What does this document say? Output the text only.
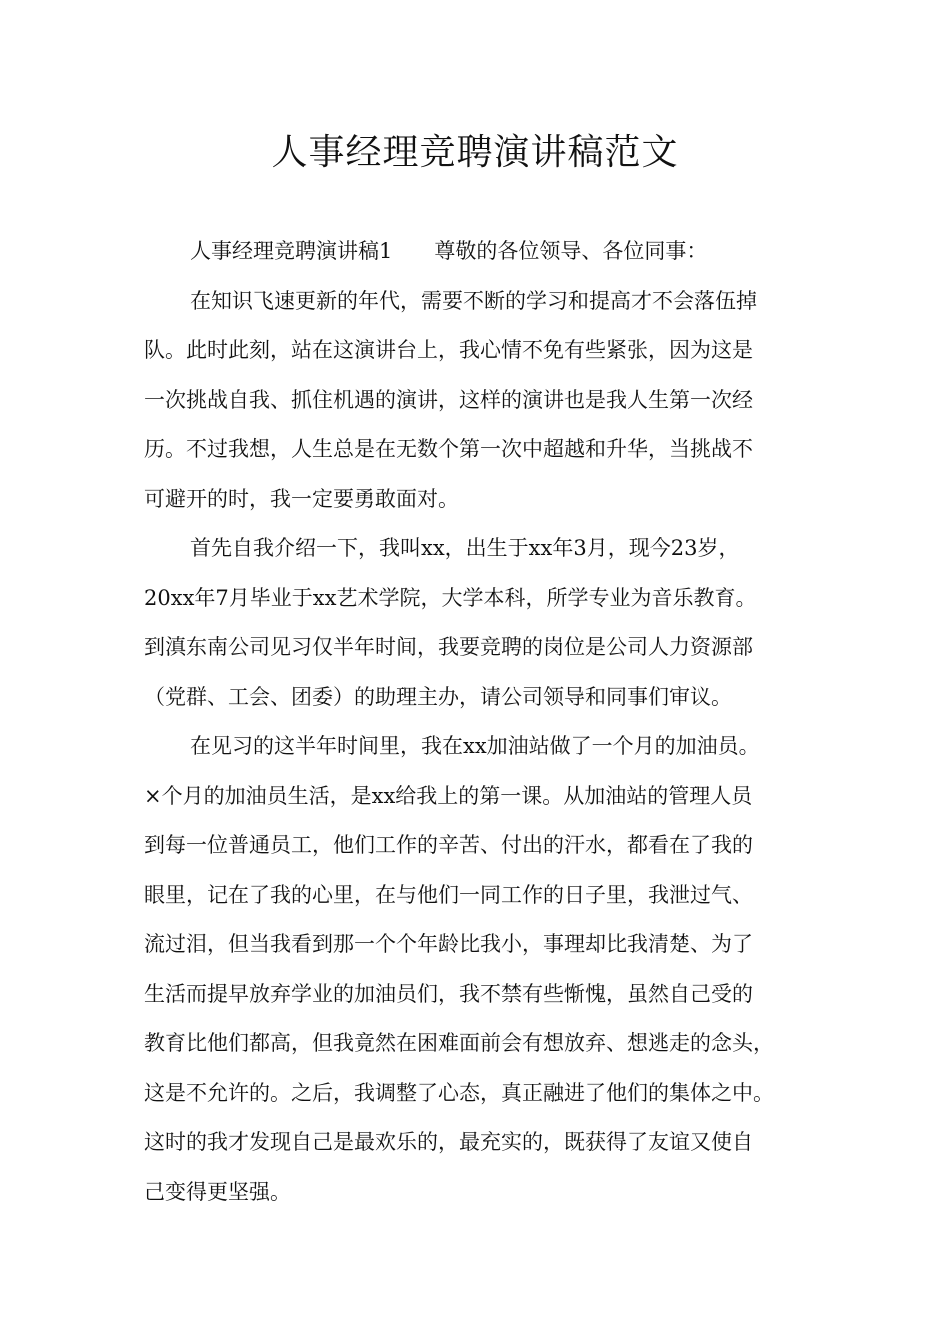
人事经理竞聘演讲稿范文
人事经理竞聘演讲稿1 尊敬的各位领导、各位同事：
在知识飞速更新的年代，需要不断的学习和提高才不会落伍掉
队。此时此刻，站在这演讲台上，我心情不免有些紧张，因为这是
一次挑战自我、抓住机遇的演讲，这样的演讲也是我人生第一次经
历。不过我想，人生总是在无数个第一次中超越和升华，当挑战不
可避开的时，我一定要勇敢面对。
首先自我介绍一下，我叫xx，出生于xx年3月，现今23岁，
20xx年7月毕业于xx艺术学院，大学本科，所学专业为音乐教育。
到滇东南公司见习仅半年时间，我要竞聘的岗位是公司人力资源部
（党群、工会、团委）的助理主办，请公司领导和同事们审议。
在见习的这半年时间里，我在xx加油站做了一个月的加油员。
×个月的加油员生活，是xx给我上的第一课。从加油站的管理人员
到每一位普通员工，他们工作的辛苦、付出的汗水，都看在了我的
眼里，记在了我的心里，在与他们一同工作的日子里，我泄过气、
流过泪，但当我看到那一个个年龄比我小，事理却比我清楚、为了
生活而提早放弃学业的加油员们，我不禁有些惭愧，虽然自己受的
教育比他们都高，但我竟然在困难面前会有想放弃、想逃走的念头，
这是不允许的。之后，我调整了心态，真正融进了他们的集体之中。
这时的我才发现自己是最欢乐的，最充实的，既获得了友谊又使自
己变得更坚强。
